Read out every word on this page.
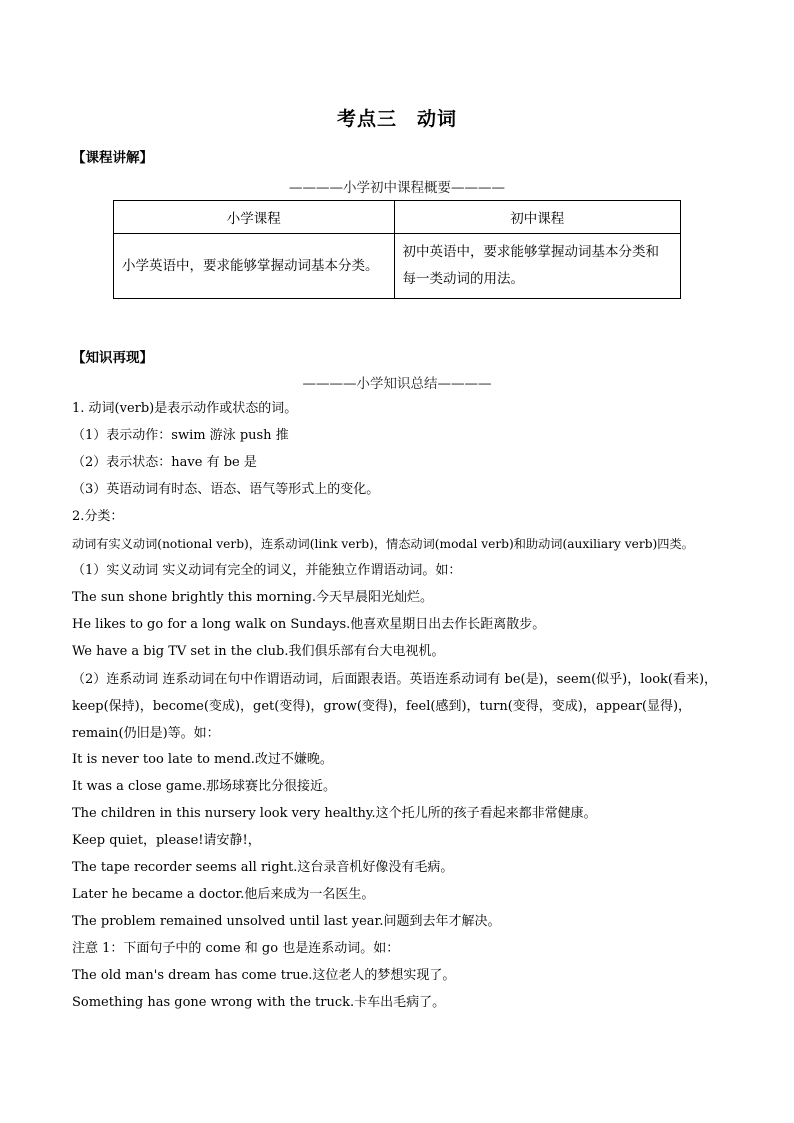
考点三　动词
【课程讲解】
————小学初中课程概要————
小学课程	初中课程
小学英语中，要求能够掌握动词基本分类。	初中英语中，要求能够掌握动词基本分类和每一类动词的用法。
【知识再现】
————小学知识总结————
1. 动词(verb)是表示动作或状态的词。
（1）表示动作：swim 游泳 push 推
（2）表示状态：have 有 be 是
（3）英语动词有时态、语态、语气等形式上的变化。
2.分类：
动词有实义动词(notional verb)，连系动词(link verb)，情态动词(modal verb)和助动词(auxiliary verb)四类。
（1）实义动词 实义动词有完全的词义，并能独立作谓语动词。如：
The sun shone brightly this morning.今天早晨阳光灿烂。
He likes to go for a long walk on Sundays.他喜欢星期日出去作长距离散步。
We have a big TV set in the club.我们俱乐部有台大电视机。
（2）连系动词 连系动词在句中作谓语动词，后面跟表语。英语连系动词有 be(是)，seem(似乎)，look(看来)，keep(保持)，become(变成)，get(变得)，grow(变得)，feel(感到)，turn(变得，变成)，appear(显得)，remain(仍旧是)等。如：
It is never too late to mend.改过不嫌晚。
It was a close game.那场球赛比分很接近。
The children in this nursery look very healthy.这个托儿所的孩子看起来都非常健康。
Keep quiet，please!请安静!，
The tape recorder seems all right.这台录音机好像没有毛病。
Later he became a doctor.他后来成为一名医生。
The problem remained unsolved until last year.问题到去年才解决。
注意 1：下面句子中的 come 和 go 也是连系动词。如：
The old man's dream has come true.这位老人的梦想实现了。
Something has gone wrong with the truck.卡车出毛病了。
